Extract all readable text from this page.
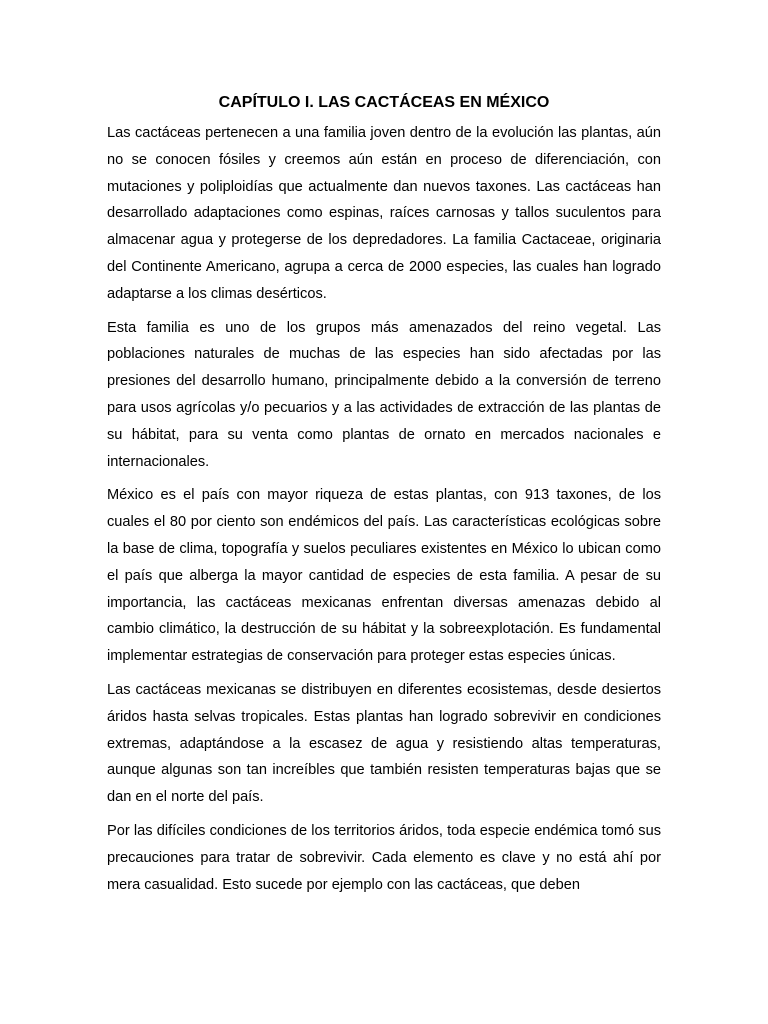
CAPÍTULO I. LAS CACTÁCEAS EN MÉXICO

Las cactáceas pertenecen a una familia joven dentro de la evolución las plantas, aún no se conocen fósiles y creemos aún están en proceso de diferenciación, con mutaciones y poliploidías que actualmente dan nuevos taxones. Las cactáceas han desarrollado adaptaciones como espinas, raíces carnosas y tallos suculentos para almacenar agua y protegerse de los depredadores. La familia Cactaceae, originaria del Continente Americano, agrupa a cerca de 2000 especies, las cuales han logrado adaptarse a los climas desérticos.

Esta familia es uno de los grupos más amenazados del reino vegetal. Las poblaciones naturales de muchas de las especies han sido afectadas por las presiones del desarrollo humano, principalmente debido a la conversión de terreno para usos agrícolas y/o pecuarios y a las actividades de extracción de las plantas de su hábitat, para su venta como plantas de ornato en mercados nacionales e internacionales.

México es el país con mayor riqueza de estas plantas, con 913 taxones, de los cuales el 80 por ciento son endémicos del país. Las características ecológicas sobre la base de clima, topografía y suelos peculiares existentes en México lo ubican como el país que alberga la mayor cantidad de especies de esta familia. A pesar de su importancia, las cactáceas mexicanas enfrentan diversas amenazas debido al cambio climático, la destrucción de su hábitat y la sobreexplotación. Es fundamental implementar estrategias de conservación para proteger estas especies únicas.

Las cactáceas mexicanas se distribuyen en diferentes ecosistemas, desde desiertos áridos hasta selvas tropicales. Estas plantas han logrado sobrevivir en condiciones extremas, adaptándose a la escasez de agua y resistiendo altas temperaturas, aunque algunas son tan increíbles que también resisten temperaturas bajas que se dan en el norte del país.

Por las difíciles condiciones de los territorios áridos, toda especie endémica tomó sus precauciones para tratar de sobrevivir. Cada elemento es clave y no está ahí por mera casualidad. Esto sucede por ejemplo con las cactáceas, que deben
